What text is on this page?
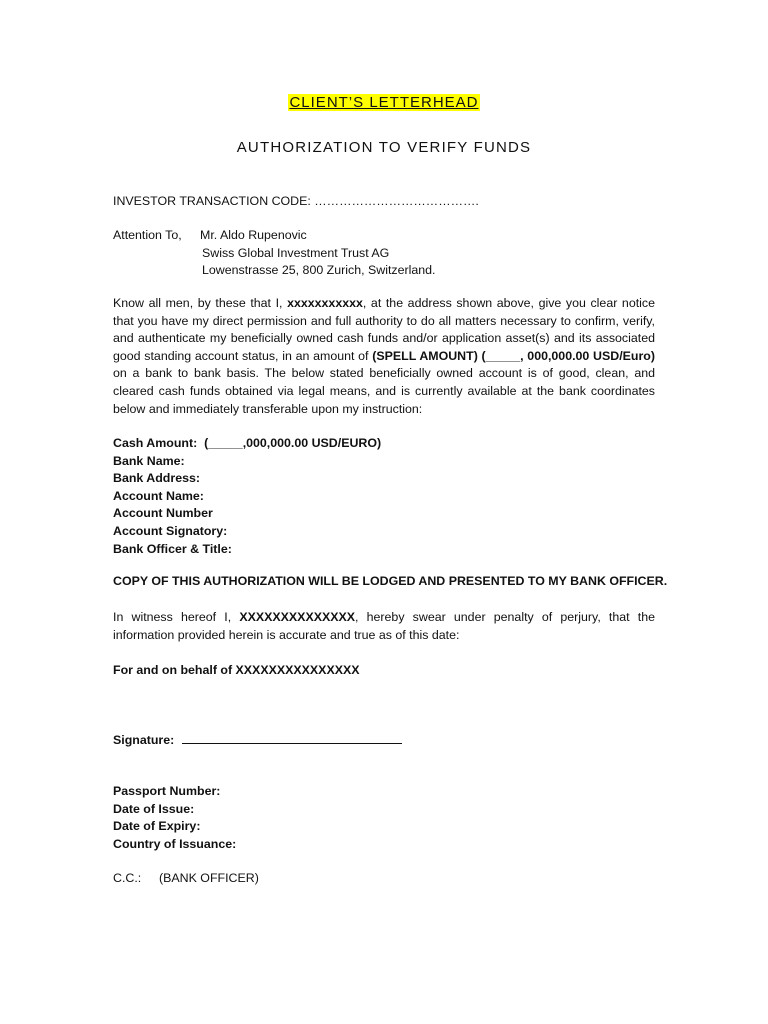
CLIENT’S LETTERHEAD
AUTHORIZATION TO VERIFY FUNDS
INVESTOR TRANSACTION CODE: ………………………………….
Attention To, Mr. Aldo Rupenovic
Swiss Global Investment Trust AG
Lowenstrasse 25, 800 Zurich, Switzerland.
Know all men, by these that I, xxxxxxxxxxx, at the address shown above, give you clear notice that you have my direct permission and full authority to do all matters necessary to confirm, verify, and authenticate my beneficially owned cash funds and/or application asset(s) and its associated good standing account status, in an amount of (SPELL AMOUNT) (_____, 000,000.00 USD/Euro) on a bank to bank basis. The below stated beneficially owned account is of good, clean, and cleared cash funds obtained via legal means, and is currently available at the bank coordinates below and immediately transferable upon my instruction:
Cash Amount: (_____,000,000.00 USD/EURO)
Bank Name:
Bank Address:
Account Name:
Account Number
Account Signatory:
Bank Officer & Title:
COPY OF THIS AUTHORIZATION WILL BE LODGED AND PRESENTED TO MY BANK OFFICER.
In witness hereof I, XXXXXXXXXXXXXX, hereby swear under penalty of perjury, that the information provided herein is accurate and true as of this date:
For and on behalf of XXXXXXXXXXXXXXX
Signature:
Passport Number:
Date of Issue:
Date of Expiry:
Country of Issuance:
C.C.: (BANK OFFICER)
